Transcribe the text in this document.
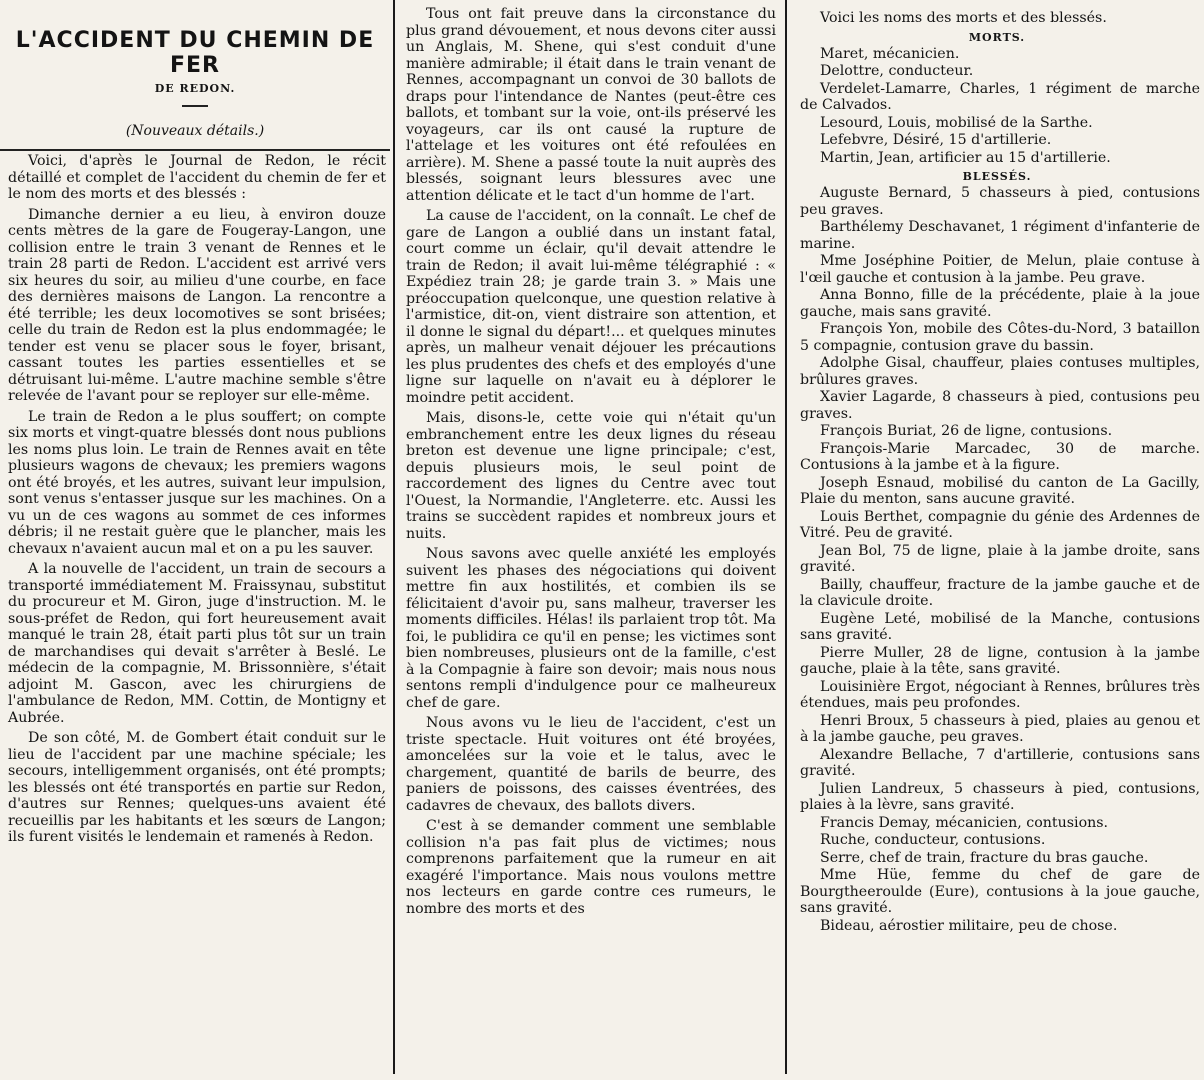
L'ACCIDENT DU CHEMIN DE FER
DE REDON.
(Nouveaux détails.)

Voici, d'après le Journal de Redon, le récit détaillé et complet de l'accident du chemin de fer et le nom des morts et des blessés :

Dimanche dernier a eu lieu, à environ douze cents mètres de la gare de Fougeray-Langon, une collision entre le train 3 venant de Rennes et le train 28 parti de Redon. L'accident est arrivé vers six heures du soir, au milieu d'une courbe, en face des dernières maisons de Langon. La rencontre a été terrible; les deux locomotives se sont brisées; celle du train de Redon est la plus endommagée; le tender est venu se placer sous le foyer, brisant, cassant toutes les parties essentielles et se détruisant lui-même. L'autre machine semble s'être relevée de l'avant pour se reployer sur elle-même.

Le train de Redon a le plus souffert; on compte six morts et vingt-quatre blessés dont nous publions les noms plus loin. Le train de Rennes avait en tête plusieurs wagons de chevaux; les premiers wagons ont été broyés, et les autres, suivant leur impulsion, sont venus s'entasser jusque sur les machines. On a vu un de ces wagons au sommet de ces informes débris; il ne restait guère que le plancher, mais les chevaux n'avaient aucun mal et on a pu les sauver.

A la nouvelle de l'accident, un train de secours a transporté immédiatement M. Fraissynau, substitut du procureur et M. Giron, juge d'instruction. M. le sous-préfet de Redon, qui fort heureusement avait manqué le train 28, était parti plus tôt sur un train de marchandises qui devait s'arrêter à Beslé. Le médecin de la compagnie, M. Brissonnière, s'était adjoint M. Gascon, avec les chirurgiens de l'ambulance de Redon, MM. Cottin, de Montigny et Aubrée.

De son côté, M. de Gombert était conduit sur le lieu de l'accident par une machine spéciale; les secours, intelligemment organisés, ont été prompts; les blessés ont été transportés en partie sur Redon, d'autres sur Rennes; quelques-uns avaient été recueillis par les habitants et les sœurs de Langon; ils furent visités le lendemain et ramenés à Redon.

Tous ont fait preuve dans la circonstance du plus grand dévouement, et nous devons citer aussi un Anglais, M. Shene, qui s'est conduit d'une manière admirable; il était dans le train venant de Rennes, accompagnant un convoi de 30 ballots de draps pour l'intendance de Nantes (peut-être ces ballots, et tombant sur la voie, ont-ils préservé les voyageurs, car ils ont causé la rupture de l'attelage et les voitures ont été refoulées en arrière). M. Shene a passé toute la nuit auprès des blessés, soignant leurs blessures avec une attention délicate et le tact d'un homme de l'art.

La cause de l'accident, on la connaît. Le chef de gare de Langon a oublié dans un instant fatal, court comme un éclair, qu'il devait attendre le train de Redon; il avait lui-même télégraphié : « Expédiez train 28; je garde train 3. » Mais une préoccupation quelconque, une question relative à l'armistice, dit-on, vient distraire son attention, et il donne le signal du départ!... et quelques minutes après, un malheur venait déjouer les précautions les plus prudentes des chefs et des employés d'une ligne sur laquelle on n'avait eu à déplorer le moindre petit accident.

Mais, disons-le, cette voie qui n'était qu'un embranchement entre les deux lignes du réseau breton est devenue une ligne principale; c'est, depuis plusieurs mois, le seul point de raccordement des lignes du Centre avec tout l'Ouest, la Normandie, l'Angleterre. etc. Aussi les trains se succèdent rapides et nombreux jours et nuits.

Nous savons avec quelle anxiété les employés suivent les phases des négociations qui doivent mettre fin aux hostilités, et combien ils se félicitaient d'avoir pu, sans malheur, traverser les moments difficiles. Hélas! ils parlaient trop tôt. Ma foi, le publidira ce qu'il en pense; les victimes sont bien nombreuses, plusieurs ont de la famille, c'est à la Compagnie à faire son devoir; mais nous nous sentons rempli d'indulgence pour ce malheureux chef de gare.

Nous avons vu le lieu de l'accident, c'est un triste spectacle. Huit voitures ont été broyées, amoncelées sur la voie et le talus, avec le chargement, quantité de barils de beurre, des paniers de poissons, des caisses éventrées, des cadavres de chevaux, des ballots divers.

C'est à se demander comment une semblable collision n'a pas fait plus de victimes; nous comprenons parfaitement que la rumeur en ait exagéré l'importance. Mais nous voulons mettre nos lecteurs en garde contre ces rumeurs, le nombre des morts et des

Voici les noms des morts et des blessés.
MORTS.
Maret, mécanicien.
Delottre, conducteur.
Verdelet-Lamarre, Charles, 1 régiment de marche de Calvados.
Lesourd, Louis, mobilisé de la Sarthe.
Lefebvre, Désiré, 15 d'artillerie.
Martin, Jean, artificier au 15 d'artillerie.
BLESSÉS.
Auguste Bernard, 5 chasseurs à pied, contusions peu graves.
Barthélemy Deschavanet, 1 régiment d'infanterie de marine.
Mme Joséphine Poitier, de Melun, plaie contuse à l'œil gauche et contusion à la jambe. Peu grave.
Anna Bonno, fille de la précédente, plaie à la joue gauche, mais sans gravité.
François Yon, mobile des Côtes-du-Nord, 3 bataillon 5 compagnie, contusion grave du bassin.
Adolphe Gisal, chauffeur, plaies contuses multiples, brûlures graves.
Xavier Lagarde, 8 chasseurs à pied, contusions peu graves.
François Buriat, 26 de ligne, contusions.
François-Marie Marcadec, 30 de marche. Contusions à la jambe et à la figure.
Joseph Esnaud, mobilisé du canton de La Gacilly, Plaie du menton, sans aucune gravité.
Louis Berthet, compagnie du génie des Ardennes de Vitré. Peu de gravité.
Jean Bol, 75 de ligne, plaie à la jambe droite, sans gravité.
Bailly, chauffeur, fracture de la jambe gauche et de la clavicule droite.
Eugène Leté, mobilisé de la Manche, contusions sans gravité.
Pierre Muller, 28 de ligne, contusion à la jambe gauche, plaie à la tête, sans gravité.
Louisinière Ergot, négociant à Rennes, brûlures très étendues, mais peu profondes.
Henri Broux, 5 chasseurs à pied, plaies au genou et à la jambe gauche, peu graves.
Alexandre Bellache, 7 d'artillerie, contusions sans gravité.
Julien Landreux, 5 chasseurs à pied, contusions, plaies à la lèvre, sans gravité.
Francis Demay, mécanicien, contusions.
Ruche, conducteur, contusions.
Serre, chef de train, fracture du bras gauche.
Mme Hüe, femme du chef de gare de Bourgtheeroulde (Eure), contusions à la joue gauche, sans gravité.
Bideau, aérostier militaire, peu de chose.
